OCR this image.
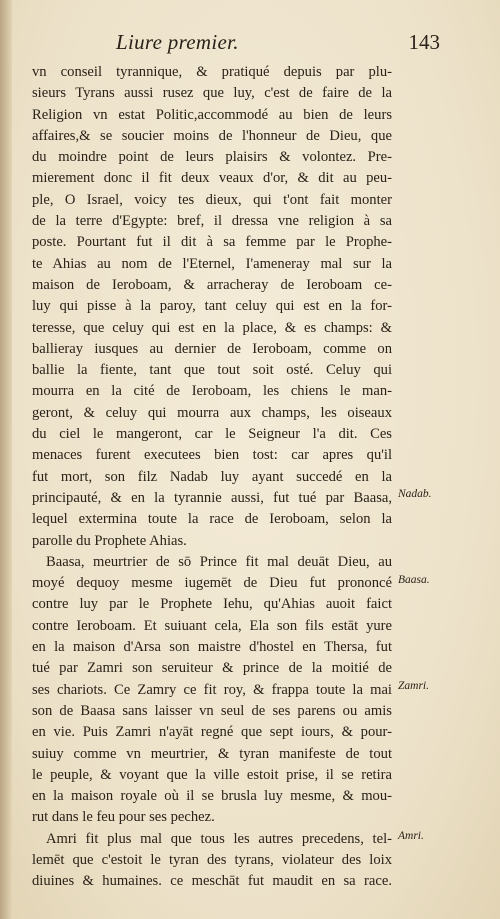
Liure premier.	143
vn conseil tyrannique, & pratiqué depuis par plu-
sieurs Tyrans aussi rusez que luy, c'est de faire de la
Religion vn estat Politic,accommodé au bien de leurs
affaires,& se soucier moins de l'honneur de Dieu, que
du moindre point de leurs plaisirs & volontez. Pre-
mierement donc il fit deux veaux d'or, & dit au peu-
ple, O Israel, voicy tes dieux, qui t'ont fait monter
de la terre d'Egypte: bref, il dressa vne religion à sa
poste. Pourtant fut il dit à sa femme par le Prophe-
te Ahias au nom de l'Eternel, I'ameneray mal sur la
maison de Ieroboam, & arracheray de Ieroboam ce-
luy qui pisse à la paroy, tant celuy qui est en la for-
teresse, que celuy qui est en la place, & es champs: &
ballieray iusques au dernier de Ieroboam, comme on
ballie la fiente, tant que tout soit osté. Celuy qui
mourra en la cité de Ieroboam, les chiens le man-
geront, & celuy qui mourra aux champs, les oiseaux
du ciel le mangeront, car le Seigneur l'a dit. Ces
menaces furent executees bien tost: car apres qu'il
fut mort, son filz Nadab luy ayant succedé en la
principauté, & en la tyrannie aussi, fut tué par Baasa,
lequel extermina toute la race de Ieroboam, selon la
parolle du Prophete Ahias.
Baasa, meurtrier de sō Prince fit mal deuāt Dieu, au
moyé dequoy mesme iugemēt de Dieu fut prononcé
contre luy par le Prophete Iehu, qu'Ahias auoit faict
contre Ieroboam. Et suiuant cela, Ela son fils estāt yure
en la maison d'Arsa son maistre d'hostel en Thersa, fut
tué par Zamri son seruiteur & prince de la moitié de
ses chariots. Ce Zamry ce fit roy, & frappa toute la mai
son de Baasa sans laisser vn seul de ses parens ou amis
en vie. Puis Zamri n'ayāt regné que sept iours, & pour-
suiuy comme vn meurtrier, & tyran manifeste de tout
le peuple, & voyant que la ville estoit prise, il se retira
en la maison royale où il se brusla luy mesme, & mou-
rut dans le feu pour ses pechez.
Amri fit plus mal que tous les autres precedens, tel-
lemēt que c'estoit le tyran des tyrans, violateur des loix
diuines & humaines. ce meschāt fut maudit en sa race.
Nadab.
Baasa.
Zamri.
Amri.
